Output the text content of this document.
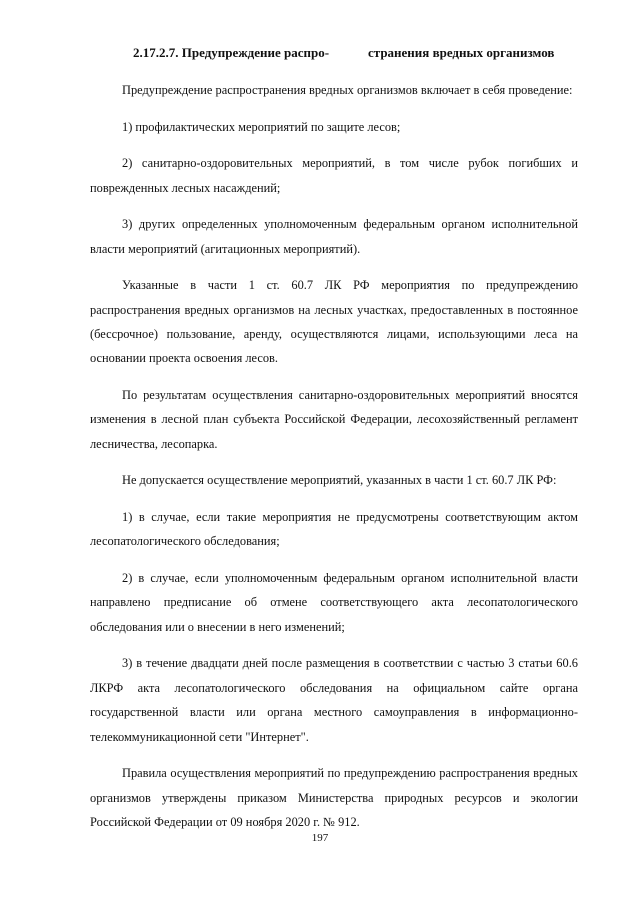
2.17.2.7. Предупреждение распро-	странения вредных организмов

Предупреждение распространения вредных организмов включает в себя проведение:

1) профилактических мероприятий по защите лесов;

2) санитарно-оздоровительных мероприятий, в том числе рубок погибших и поврежденных лесных насаждений;

3) других определенных уполномоченным федеральным органом исполнительной власти мероприятий (агитационных мероприятий).

Указанные в части 1 ст. 60.7 ЛК РФ мероприятия по предупреждению распространения вредных организмов на лесных участках, предоставленных в постоянное (бессрочное) пользование, аренду, осуществляются лицами, использующими леса на основании проекта освоения лесов.

По результатам осуществления санитарно-оздоровительных мероприятий вносятся изменения в лесной план субъекта Российской Федерации, лесохозяйственный регламент лесничества, лесопарка.

Не допускается осуществление мероприятий, указанных в части 1 ст. 60.7 ЛК РФ:

1) в случае, если такие мероприятия не предусмотрены соответствующим актом лесопатологического обследования;

2) в случае, если уполномоченным федеральным органом исполнительной власти направлено предписание об отмене соответствующего акта лесопатологического обследования или о внесении в него изменений;

3) в течение двадцати дней после размещения в соответствии с частью 3 статьи 60.6 ЛКРФ акта лесопатологического обследования на официальном сайте органа государственной власти или органа местного самоуправления в информационно-телекоммуникационной сети "Интернет".

Правила осуществления мероприятий по предупреждению распространения вредных организмов утверждены приказом Министерства природных ресурсов и экологии Российской Федерации от 09 ноября 2020 г. № 912.

197
